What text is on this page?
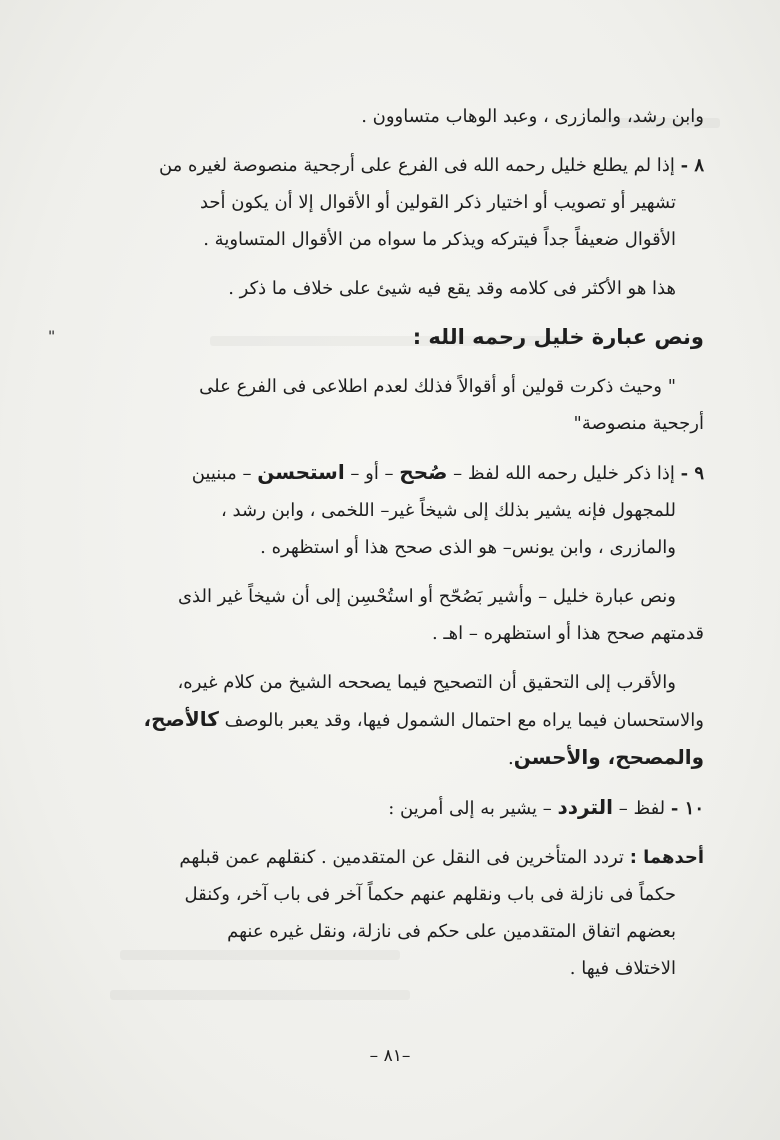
وابن رشد، والمازرى ، وعبد الوهاب متساوون .

٨ - إذا لم يطلع خليل رحمه الله فى الفرع على أرجحية منصوصة لغيره من

تشهير أو تصويب أو اختيار ذكر القولين أو الأقوال إلا أن يكون أحد

الأقوال ضعيفاً جداً فيتركه ويذكر ما سواه من الأقوال المتساوية .

هذا هو الأكثر فى كلامه وقد يقع فيه شيئ على خلاف ما ذكر .

ونص عبارة خليل رحمه الله :
"

" وحيث ذكرت قولين أو أقوالاً فذلك لعدم اطلاعى فى الفرع على

أرجحية منصوصة"

٩ - إذا ذكر خليل رحمه الله لفظ – صُحح – أو – استحسن – مبنيين

للمجهول فإنه يشير بذلك إلى شيخاً غير– اللخمى ، وابن رشد ،

والمازرى ، وابن يونس– هو الذى صحح هذا أو استظهره .

ونص عبارة خليل – وأشير بَصُحّح أو استُحْسِن إلى أن شيخاً غير الذى

قدمتهم صحح هذا أو استظهره – اهـ .

والأقرب إلى التحقيق أن التصحيح فيما يصححه الشيخ من كلام غيره،

والاستحسان فيما يراه مع احتمال الشمول فيها، وقد يعبر بالوصف كالأصح،

والمصحح، والأحسن.

١٠ - لفظ – التردد – يشير به إلى أمرين :

أحدهما : تردد المتأخرين فى النقل عن المتقدمين . كنقلهم عمن قبلهم

حكماً فى نازلة فى باب ونقلهم عنهم حكماً آخر فى باب آخر، وكنقل

بعضهم اتفاق المتقدمين على حكم فى نازلة، ونقل غيره عنهم

الاختلاف فيها .

–٨١ –
